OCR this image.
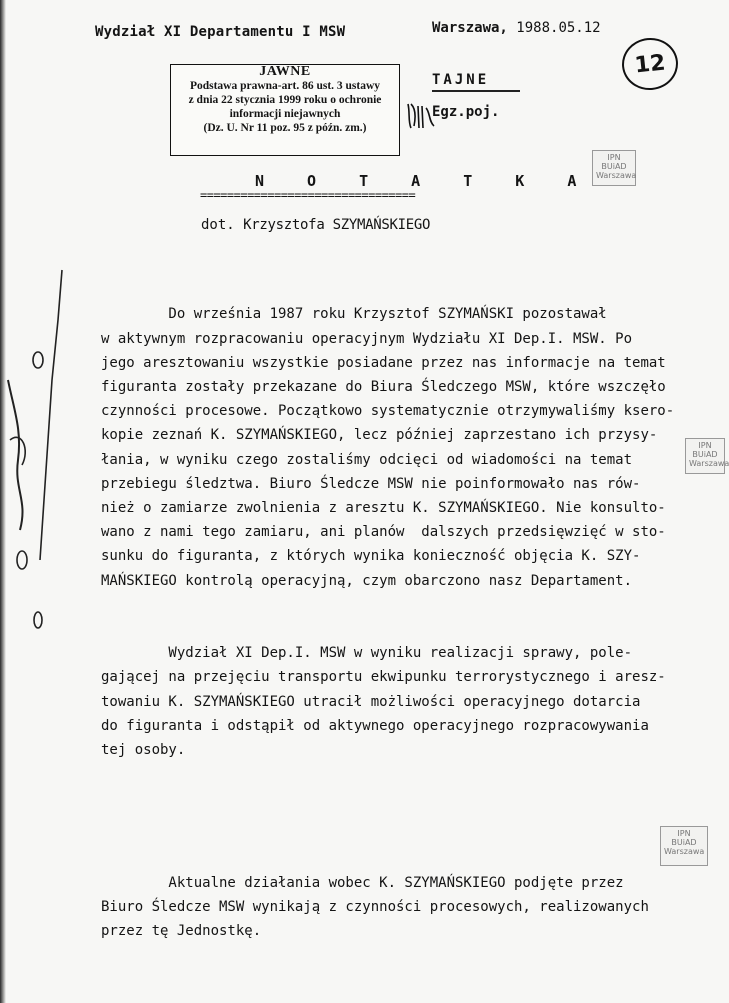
Wydział XI Departamentu I MSW	Warszawa, 1988.05.12
12
JAWNE
Podstawa prawna-art. 86 ust. 3 ustawy
z dnia 22 stycznia 1999 roku o ochronie
informacji niejawnych
(Dz. U. Nr 11 poz. 95 z późn. zm.)
TAJNE
Egz.poj.
IPN
BUiAD
Warszawa
IPN
BUiAD
Warszawa
IPN
BUiAD
Warszawa
N O T A T K A
================================
dot. Krzysztofa SZYMAŃSKIEGO

Do września 1987 roku Krzysztof SZYMAŃSKI pozostawał
w aktywnym rozpracowaniu operacyjnym Wydziału XI Dep.I. MSW. Po
jego aresztowaniu wszystkie posiadane przez nas informacje na temat
figuranta zostały przekazane do Biura Śledczego MSW, które wszczęło
czynności procesowe. Początkowo systematycznie otrzymywaliśmy ksero-
kopie zeznań K. SZYMAŃSKIEGO, lecz później zaprzestano ich przysy-
łania, w wyniku czego zostaliśmy odcięci od wiadomości na temat
przebiegu śledztwa. Biuro Śledcze MSW nie poinformowało nas rów-
nież o zamiarze zwolnienia z aresztu K. SZYMAŃSKIEGO. Nie konsulto-
wano z nami tego zamiaru, ani planów  dalszych przedsięwzięć w sto-
sunku do figuranta, z których wynika konieczność objęcia K. SZY-
MAŃSKIEGO kontrolą operacyjną, czym obarczono nasz Departament.

Wydział XI Dep.I. MSW w wyniku realizacji sprawy, pole-
gającej na przejęciu transportu ekwipunku terrorystycznego i aresz-
towaniu K. SZYMAŃSKIEGO utracił możliwości operacyjnego dotarcia
do figuranta i odstąpił od aktywnego operacyjnego rozpracowywania
tej osoby.

Aktualne działania wobec K. SZYMAŃSKIEGO podjęte przez
Biuro Śledcze MSW wynikają z czynności procesowych, realizowanych
przez tę Jednostkę.
